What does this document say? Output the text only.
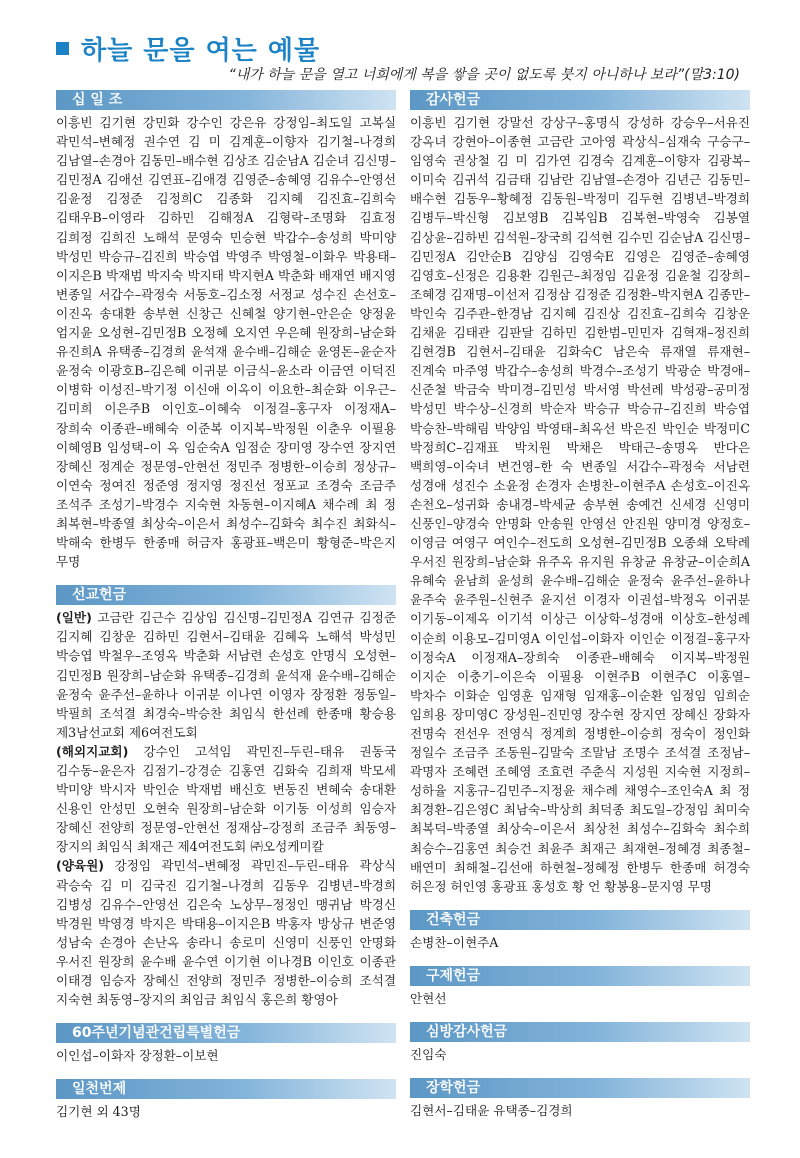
하늘 문을 여는 예물
“내가 하늘 문을 열고 너희에게 복을 쌓을 곳이 없도록 붓지 아니하나 보라”(말3:10)
십 일 조
이흥빈 김기현 강민화 강수인 강은유 강정임–최도일 고복실 곽민석–변혜정 권수연 김 미 김계훈–이향자 김기철–나경희 김남열–손경아 김동민–배수현 김상조 김순남A 김순녀 김신명–김민정A 김애선 김연표–김애경 김영준–송혜영 김유수–안영선 김윤정 김정준 김정희C 김종화 김지혜 김진효–김희숙 김태우B–이영라 김하민 김해정A 김형락–조명화 김효정 김희정 김희진 노해석 문영숙 민승현 박갑수–송성희 박미양 박성민 박승규–김진희 박승엽 박영주 박영철–이화우 박용태–이지은B 박재범 박지숙 박지태 박지현A 박춘화 배재연 배지영 변종일 서갑수–곽정숙 서동호–김소정 서정교 성수진 손선호–이진옥 송대환 송부현 신창근 신혜철 양기현–안은순 양정윤 엄지윤 오성현–김민정B 오정혜 오지연 우은혜 원장희–남순화 유진희A 유택종–김경희 윤석재 윤수배–김해순 윤영돈–윤순자 윤정숙 이광호B–김은혜 이귀분 이금식–윤소라 이금연 이덕진 이병학 이성진–박기정 이신애 이옥이 이요한–최순화 이우근–김미희 이은주B 이인호–이혜숙 이정걸–홍구자 이정재A–장희숙 이종관–배혜숙 이준복 이지복–박정원 이춘우 이필용 이혜영B 임성택–이 옥 임순숙A 임점순 장미영 장수연 장지연 장혜신 정계순 정문영–안현선 정민주 정병한–이승희 정상규–이연숙 정여진 정준영 정지영 정진선 정포교 조경숙 조금주 조석주 조성기–박경수 지숙현 차동현–이지혜A 채수례 최 정 최복현–박종열 최상숙–이은서 최성수–김화숙 최수진 최화식–박해숙 한병두 한종매 허금자 홍광표–백은미 황형준–박은지 무명
선교헌금

(일반) 고금란 김근수 김상임 김신명–김민정A 김연규 김정준 김지혜 김창운 김하민 김현서–김태윤 김혜옥 노해석 박성민 박승엽 박철우–조영옥 박춘화 서남련 손성호 안명식 오성현–김민정B 원장희–남순화 유택종–김경희 윤석재 윤수배–김해순 윤정숙 윤주선–윤하나 이귀분 이나연 이영자 장정환 정동일–박필희 조석결 최경숙–박승찬 최임식 한선례 한종매 황승용 제3남선교회 제6여전도회

(해외지교회) 강수인 고석임 곽민진–두린–태유 권동국 김수동–윤은자 김점기–강경순 김홍연 김화숙 김희재 박모세 박미양 박시자 박인순 박재범 배신호 변동진 변혜숙 송대환 신용인 안성민 오현숙 원장희–남순화 이기동 이성희 임승자 장혜신 전양희 정문영–안현선 정재삼–강정희 조금주 최동영–장지의 최임식 최재근 제4여전도회 ㈜오성케미칼

(양육원) 강정임 곽민석–변혜정 곽민진–두린–태유 곽상식 곽승숙 김 미 김국진 김기철–나경희 김동우 김병년–박경희 김병성 김유수–안영선 김은숙 노상무–정정인 맹귀남 박경신 박경원 박영경 박지은 박태용–이지은B 박홍자 방상규 변준영 성남숙 손경아 손난옥 송라니 송로미 신영미 신풍인 안명화 우서진 원장희 윤수배 윤수연 이기현 이나경B 이인호 이종관 이태경 임승자 장혜신 전양희 정민주 정병한–이승희 조석결 지숙현 최동영–장지의 최임금 최임식 홍은희 황영아

60주년기념관건립특별헌금
이인섭–이화자 장정환–이보현
일천번제
김기현 외 43명
감사헌금
이흥빈 김기현 강말선 강상구–홍명식 강성하 강승우–서유진 강옥녀 강현아–이종현 고금란 고아영 곽상식–심재숙 구승구–임영숙 권상철 김 미 김가연 김경숙 김계훈–이향자 김광복–이미숙 김귀석 김금태 김남란 김남열–손경아 김년근 김동민–배수현 김동우–황혜정 김동원–박정미 김두현 김병년–박경희 김병두–박신형 김보영B 김복임B 김복현–박영숙 김봉열 김상윤–김하빈 김석원–장국희 김석현 김수민 김순남A 김신명–김민정A 김안순B 김양심 김영숙E 김영은 김영준–송혜영 김영호–신정은 김용환 김원근–최정임 김윤정 김윤철 김장희–조혜경 김재명–이선저 김정삼 김정준 김정환–박지현A 김종만–박인숙 김주관–한경남 김지혜 김진상 김진효–김희숙 김창운 김채윤 김태관 김판달 김하민 김한범–민민자 김혁재–정진희 김현경B 김현서–김태윤 김화숙C 남은숙 류재열 류재현–진계숙 마주영 박갑수–송성희 박경수–조성기 박광순 박경애–신준철 박금숙 박미경–김민성 박서영 박선례 박성광–공미정 박성민 박수상–신경희 박순자 박승규 박승규–김진희 박승엽 박승찬–박해림 박양임 박영태–최옥선 박은진 박인순 박정미C 박정희C–김재표 박치원 박채은 박태근–송명옥 반다은 백희영–이숙녀 변건영–한 숙 변종일 서갑수–곽정숙 서남련 성경애 성진수 소윤정 손경자 손병찬–이현주A 손성호–이진옥 손천오–성귀화 송내경–박세균 송부현 송예건 신세경 신영미 신풍인–양경숙 안명화 안송원 안영선 안진원 양미경 양정호–이영금 여영구 여인수–전도희 오성현–김민정B 오종쇄 오탁례 우서진 원장희–남순화 유주옥 유지원 유창균 유창균–이순희A 유혜숙 윤남희 윤성희 윤수배–김해순 윤정숙 윤주선–윤하나 윤주숙 윤주원–신현주 윤지선 이경자 이권섭–박정옥 이귀분 이기동–이제옥 이기석 이상근 이상학–성경애 이상호–한성례 이순희 이용모–김미영A 이인섭–이화자 이인순 이정걸–홍구자 이정숙A 이정재A–장희숙 이종관–배혜숙 이지복–박정원 이지순 이충기–이은숙 이필용 이현주B 이현주C 이홍열–박차수 이화순 임영훈 임재형 임재홍–이순환 임정임 임희순 임희용 장미영C 장성원–진민영 장수현 장지연 장혜신 장화자 전명숙 전선우 전영식 정계희 정병한–이승희 정숙이 정인화 정일수 조금주 조동원–김말숙 조말남 조명수 조석결 조정남–곽명자 조혜련 조혜영 조효련 주춘식 지성원 지숙현 지정희–성하율 지홍규–김민주–지정윤 채수례 채영수–조인숙A 최 정 최경환–김은영C 최남숙–박상희 최덕종 최도일–강정임 최미숙 최복덕–박종열 최상숙–이은서 최상천 최성수–김화숙 최수희 최승수–김홍연 최승건 최윤주 최재근 최재현–정혜경 최종철–배연미 최해철–김선애 하현철–정혜정 한병두 한종매 허경숙 허은정 허인영 홍광표 홍성호 황 언 황봉용–문지영 무명
건축헌금
손병찬–이현주A
구제헌금
안현선
심방감사헌금
진임숙
장학헌금
김현서–김태윤 유택종–김경희
